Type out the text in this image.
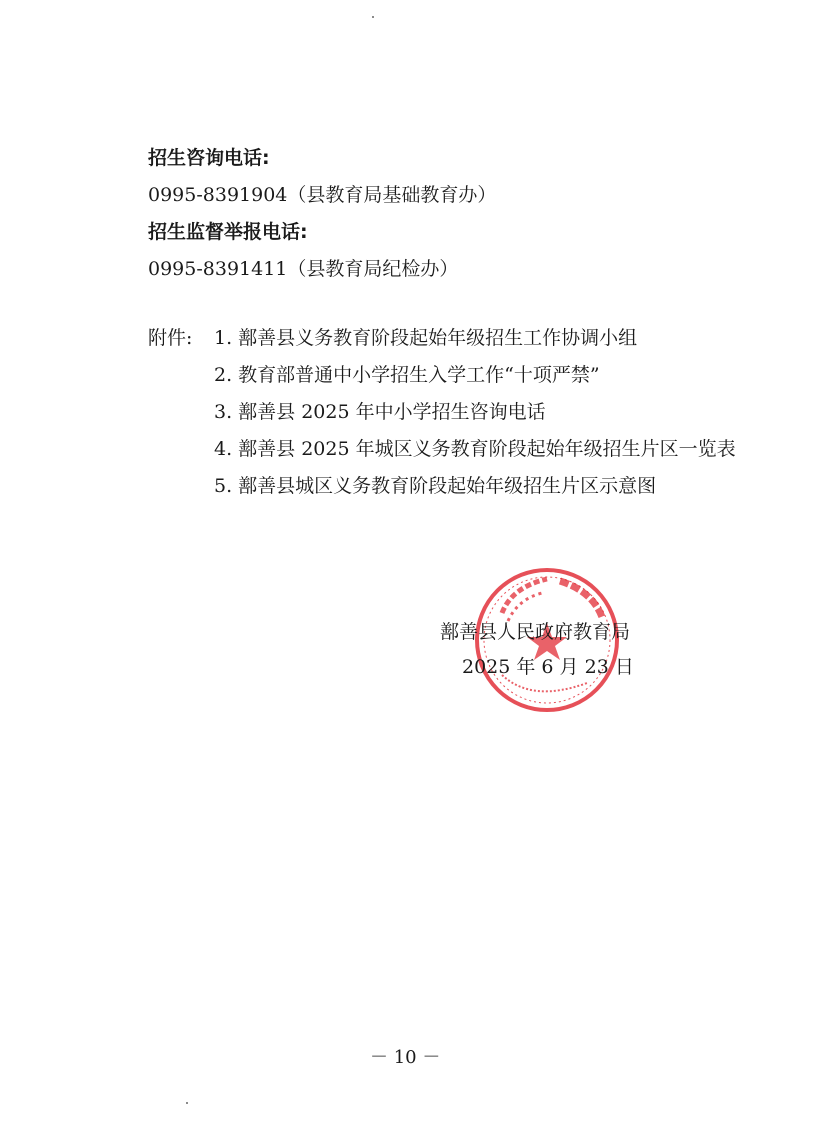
招生咨询电话:
0995-8391904（县教育局基础教育办）
招生监督举报电话:
0995-8391411（县教育局纪检办）
附件: 1. 鄯善县义务教育阶段起始年级招生工作协调小组
2. 教育部普通中小学招生入学工作“十项严禁”
3. 鄯善县 2025 年中小学招生咨询电话
4. 鄯善县 2025 年城区义务教育阶段起始年级招生片区一览表
5. 鄯善县城区义务教育阶段起始年级招生片区示意图
鄯善县人民政府教育局
2025 年 6 月 23 日
－ 10 －
